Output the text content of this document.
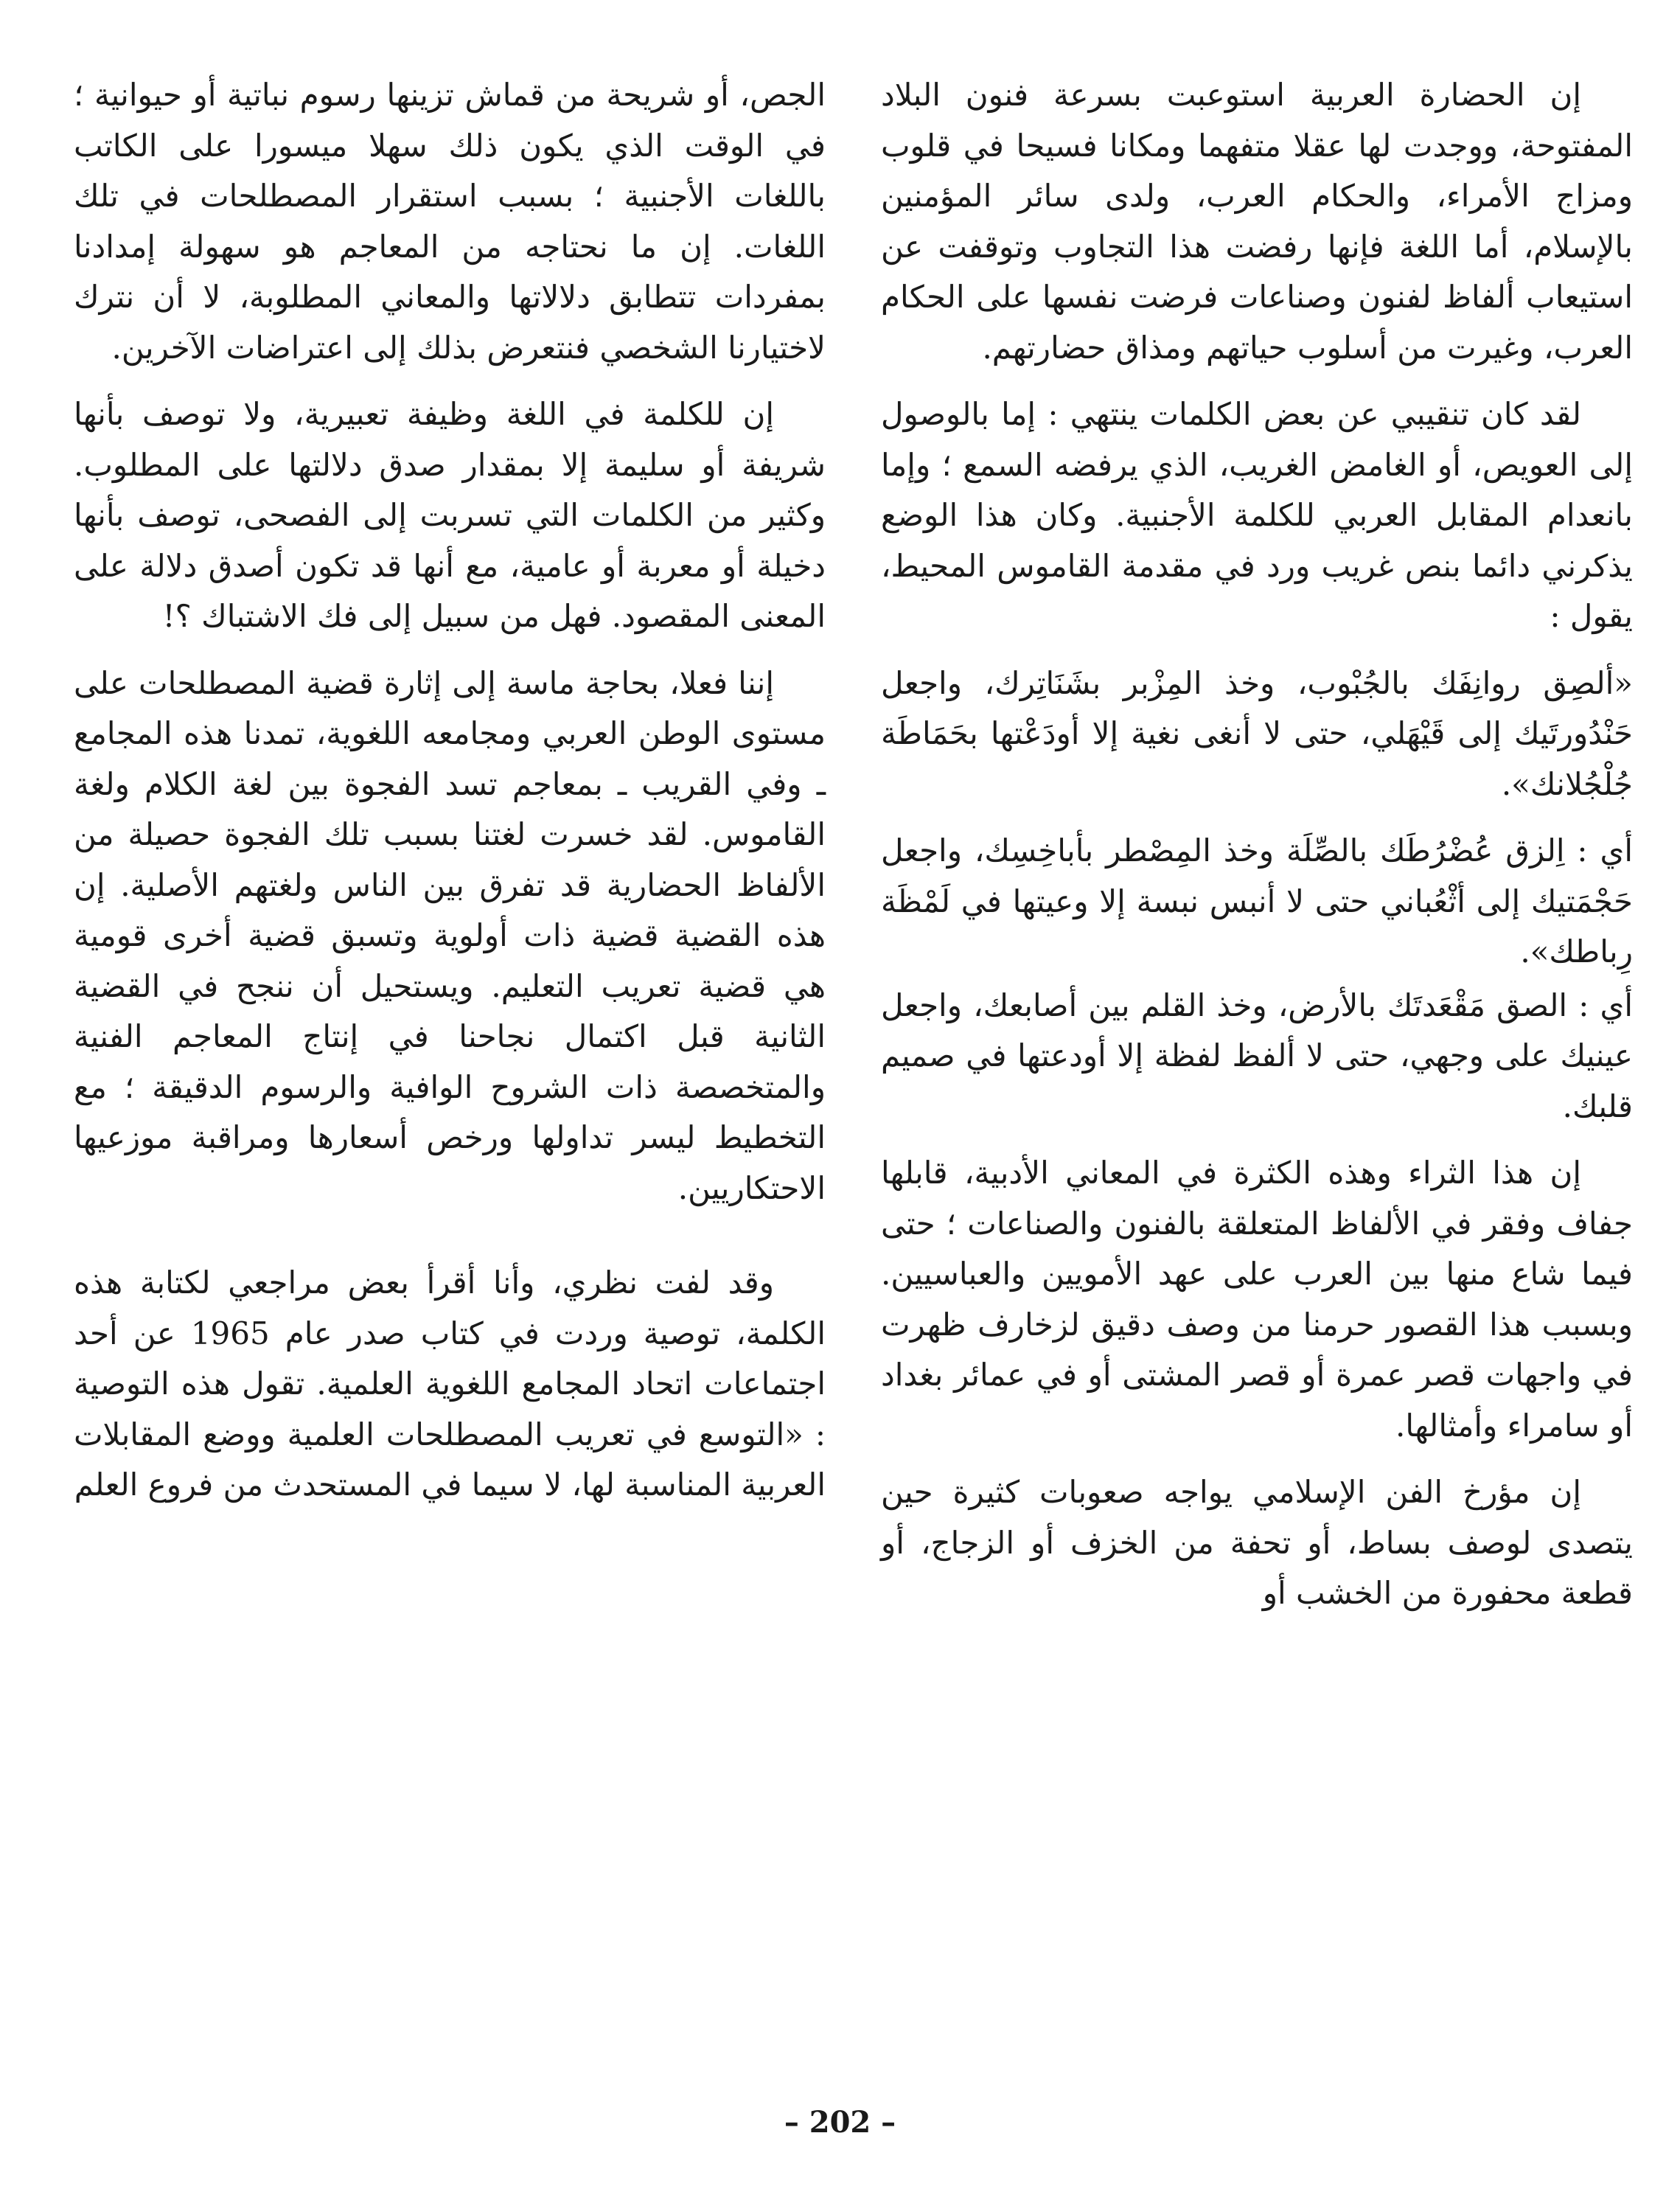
إن الحضارة العربية استوعبت بسرعة فنون البلاد المفتوحة، ووجدت لها عقلا متفهما ومكانا فسيحا في قلوب ومزاج الأمراء، والحكام العرب، ولدى سائر المؤمنين بالإسلام، أما اللغة فإنها رفضت هذا التجاوب وتوقفت عن استيعاب ألفاظ لفنون وصناعات فرضت نفسها على الحكام العرب، وغيرت من أسلوب حياتهم ومذاق حضارتهم.

لقد كان تنقيبي عن بعض الكلمات ينتهي : إما بالوصول إلى العويص، أو الغامض الغريب، الذي يرفضه السمع ؛ وإما بانعدام المقابل العربي للكلمة الأجنبية. وكان هذا الوضع يذكرني دائما بنص غريب ورد في مقدمة القاموس المحيط، يقول :

«ألصِق روانِفَك بالجُبْوب، وخذ المِزْبر بشَنَاتِرك، واجعل حَنْدُورتَيك إلى قَيْهَلي، حتى لا أنغى نغية إلا أودَعْتها بحَمَاطَة جُلْجُلانك».

أي : اِلزق عُضْرُطَك بالصِّلَة وخذ المِصْطر بأباخِسِك، واجعل حَجْمَتيك إلى أثْعُباني حتى لا أنبس نبسة إلا وعيتها في لَمْظَة رِباطك».

أي : الصق مَقْعَدتَك بالأرض، وخذ القلم بين أصابعك، واجعل عينيك على وجهي، حتى لا ألفظ لفظة إلا أودعتها في صميم قلبك.

إن هذا الثراء وهذه الكثرة في المعاني الأدبية، قابلها جفاف وفقر في الألفاظ المتعلقة بالفنون والصناعات ؛ حتى فيما شاع منها بين العرب على عهد الأمويين والعباسيين. وبسبب هذا القصور حرمنا من وصف دقيق لزخارف ظهرت في واجهات قصر عمرة أو قصر المشتى أو في عمائر بغداد أو سامراء وأمثالها.

إن مؤرخ الفن الإسلامي يواجه صعوبات كثيرة حين يتصدى لوصف بساط، أو تحفة من الخزف أو الزجاج، أو قطعة محفورة من الخشب أو

الجص، أو شريحة من قماش تزينها رسوم نباتية أو حيوانية ؛ في الوقت الذي يكون ذلك سهلا ميسورا على الكاتب باللغات الأجنبية ؛ بسبب استقرار المصطلحات في تلك اللغات. إن ما نحتاجه من المعاجم هو سهولة إمدادنا بمفردات تتطابق دلالاتها والمعاني المطلوبة، لا أن نترك لاختيارنا الشخصي فنتعرض بذلك إلى اعتراضات الآخرين.

إن للكلمة في اللغة وظيفة تعبيرية، ولا توصف بأنها شريفة أو سليمة إلا بمقدار صدق دلالتها على المطلوب. وكثير من الكلمات التي تسربت إلى الفصحى، توصف بأنها دخيلة أو معربة أو عامية، مع أنها قد تكون أصدق دلالة على المعنى المقصود. فهل من سبيل إلى فك الاشتباك ؟!

إننا فعلا، بحاجة ماسة إلى إثارة قضية المصطلحات على مستوى الوطن العربي ومجامعه اللغوية، تمدنا هذه المجامع ـ وفي القريب ـ بمعاجم تسد الفجوة بين لغة الكلام ولغة القاموس. لقد خسرت لغتنا بسبب تلك الفجوة حصيلة من الألفاظ الحضارية قد تفرق بين الناس ولغتهم الأصلية. إن هذه القضية قضية ذات أولوية وتسبق قضية أخرى قومية هي قضية تعريب التعليم. ويستحيل أن ننجح في القضية الثانية قبل اكتمال نجاحنا في إنتاج المعاجم الفنية والمتخصصة ذات الشروح الوافية والرسوم الدقيقة ؛ مع التخطيط ليسر تداولها ورخص أسعارها ومراقبة موزعيها الاحتكاريين.

وقد لفت نظري، وأنا أقرأ بعض مراجعي لكتابة هذه الكلمة، توصية وردت في كتاب صدر عام 1965 عن أحد اجتماعات اتحاد المجامع اللغوية العلمية. تقول هذه التوصية : «التوسع في تعريب المصطلحات العلمية ووضع المقابلات العربية المناسبة لها، لا سيما في المستحدث من فروع العلم

– 202 –
